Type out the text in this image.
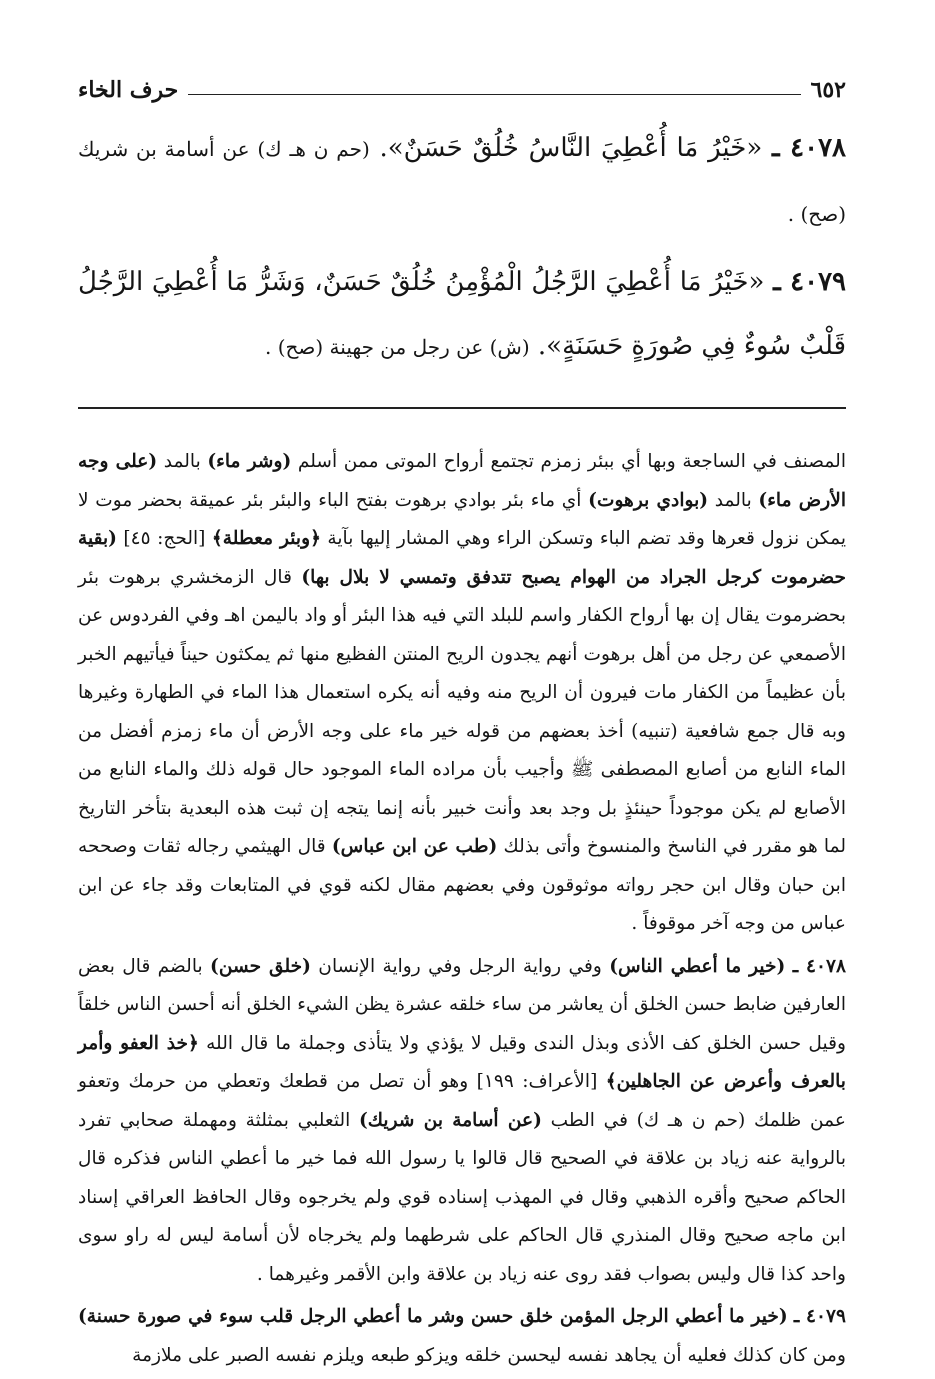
٦٥٢
حرف الخاء
٤٠٧٨ ـ «خَيْرُ مَا أُعْطِيَ النَّاسُ خُلُقٌ حَسَنٌ». (حم ن هـ ك) عن أسامة بن شريك (صح) .
٤٠٧٩ ـ «خَيْرُ مَا أُعْطِيَ الرَّجُلُ الْمُؤْمِنُ خُلُقٌ حَسَنٌ، وَشَرُّ مَا أُعْطِيَ الرَّجُلُ قَلْبٌ سُوءٌ فِي صُورَةٍ حَسَنَةٍ». (ش) عن رجل من جهينة (صح) .

المصنف في الساجعة وبها أي ببئر زمزم تجتمع أرواح الموتى ممن أسلم (وشر ماء) بالمد (على وجه الأرض ماء) بالمد (بوادي برهوت) أي ماء بئر بوادي برهوت بفتح الباء والبئر بئر عميقة بحضر موت لا يمكن نزول قعرها وقد تضم الباء وتسكن الراء وهي المشار إليها بآية ﴿وبئر معطلة﴾ [الحج: ٤٥] (بقية حضرموت كرجل الجراد من الهوام يصبح تتدفق وتمسي لا بلال بها) قال الزمخشري برهوت بئر بحضرموت يقال إن بها أرواح الكفار واسم للبلد التي فيه هذا البئر أو واد باليمن اهـ وفي الفردوس عن الأصمعي عن رجل من أهل برهوت أنهم يجدون الريح المنتن الفظيع منها ثم يمكثون حيناً فيأتيهم الخبر بأن عظيماً من الكفار مات فيرون أن الريح منه وفيه أنه يكره استعمال هذا الماء في الطهارة وغيرها وبه قال جمع شافعية (تنبيه) أخذ بعضهم من قوله خير ماء على وجه الأرض أن ماء زمزم أفضل من الماء النابع من أصابع المصطفى ﷺ وأجيب بأن مراده الماء الموجود حال قوله ذلك والماء النابع من الأصابع لم يكن موجوداً حينئذٍ بل وجد بعد وأنت خبير بأنه إنما يتجه إن ثبت هذه البعدية بتأخر التاريخ لما هو مقرر في الناسخ والمنسوخ وأتى بذلك (طب عن ابن عباس) قال الهيثمي رجاله ثقات وصححه ابن حبان وقال ابن حجر رواته موثوقون وفي بعضهم مقال لكنه قوي في المتابعات وقد جاء عن ابن عباس من وجه آخر موقوفاً .

٤٠٧٨ ـ (خير ما أعطي الناس) وفي رواية الرجل وفي رواية الإنسان (خلق حسن) بالضم قال بعض العارفين ضابط حسن الخلق أن يعاشر من ساء خلقه عشرة يظن الشيء الخلق أنه أحسن الناس خلقاً وقيل حسن الخلق كف الأذى وبذل الندى وقيل لا يؤذي ولا يتأذى وجملة ما قال الله ﴿خذ العفو وأمر بالعرف وأعرض عن الجاهلين﴾ [الأعراف: ١٩٩] وهو أن تصل من قطعك وتعطي من حرمك وتعفو عمن ظلمك (حم ن هـ ك) في الطب (عن أسامة بن شريك) الثعلبي بمثلثة ومهملة صحابي تفرد بالرواية عنه زياد بن علاقة في الصحيح قال قالوا يا رسول الله فما خير ما أعطي الناس فذكره قال الحاكم صحيح وأقره الذهبي وقال في المهذب إسناده قوي ولم يخرجوه وقال الحافظ العراقي إسناد ابن ماجه صحيح وقال المنذري قال الحاكم على شرطهما ولم يخرجاه لأن أسامة ليس له راو سوى واحد كذا قال وليس بصواب فقد روى عنه زياد بن علاقة وابن الأقمر وغيرهما .

٤٠٧٩ ـ (خير ما أعطي الرجل المؤمن خلق حسن وشر ما أعطي الرجل قلب سوء في صورة حسنة) ومن كان كذلك فعليه أن يجاهد نفسه ليحسن خلقه ويزكو طبعه ويلزم نفسه الصبر على ملازمة
